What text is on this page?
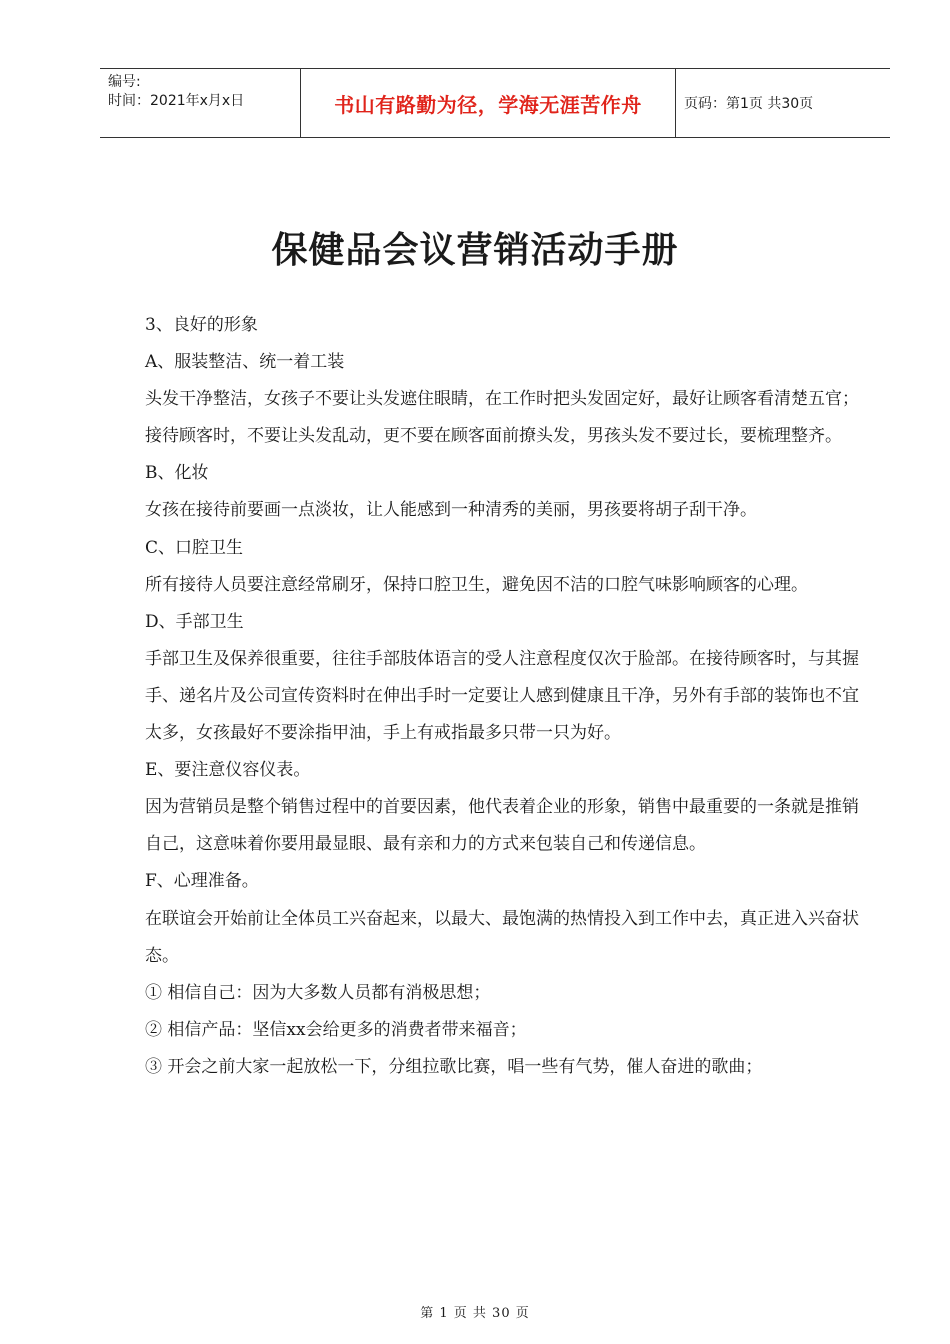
编号:
时间：2021年x月x日	书山有路勤为径，学海无涯苦作舟	页码：第1页 共30页
保健品会议营销活动手册

3、良好的形象

A、服装整洁、统一着工装

头发干净整洁，女孩子不要让头发遮住眼睛，在工作时把头发固定好，最好让顾客看清楚五官；接待顾客时，不要让头发乱动，更不要在顾客面前撩头发，男孩头发不要过长，要梳理整齐。

B、化妆

女孩在接待前要画一点淡妆，让人能感到一种清秀的美丽，男孩要将胡子刮干净。

C、口腔卫生

所有接待人员要注意经常刷牙，保持口腔卫生，避免因不洁的口腔气味影响顾客的心理。

D、手部卫生

手部卫生及保养很重要，往往手部肢体语言的受人注意程度仅次于脸部。在接待顾客时，与其握手、递名片及公司宣传资料时在伸出手时一定要让人感到健康且干净，另外有手部的装饰也不宜太多，女孩最好不要涂指甲油，手上有戒指最多只带一只为好。

E、要注意仪容仪表。

因为营销员是整个销售过程中的首要因素，他代表着企业的形象，销售中最重要的一条就是推销自己，这意味着你要用最显眼、最有亲和力的方式来包装自己和传递信息。

F、心理准备。

在联谊会开始前让全体员工兴奋起来，以最大、最饱满的热情投入到工作中去，真正进入兴奋状态。

① 相信自己：因为大多数人员都有消极思想；

② 相信产品：坚信xx会给更多的消费者带来福音；

③ 开会之前大家一起放松一下，分组拉歌比赛，唱一些有气势，催人奋进的歌曲；

第 1 页 共 30 页
